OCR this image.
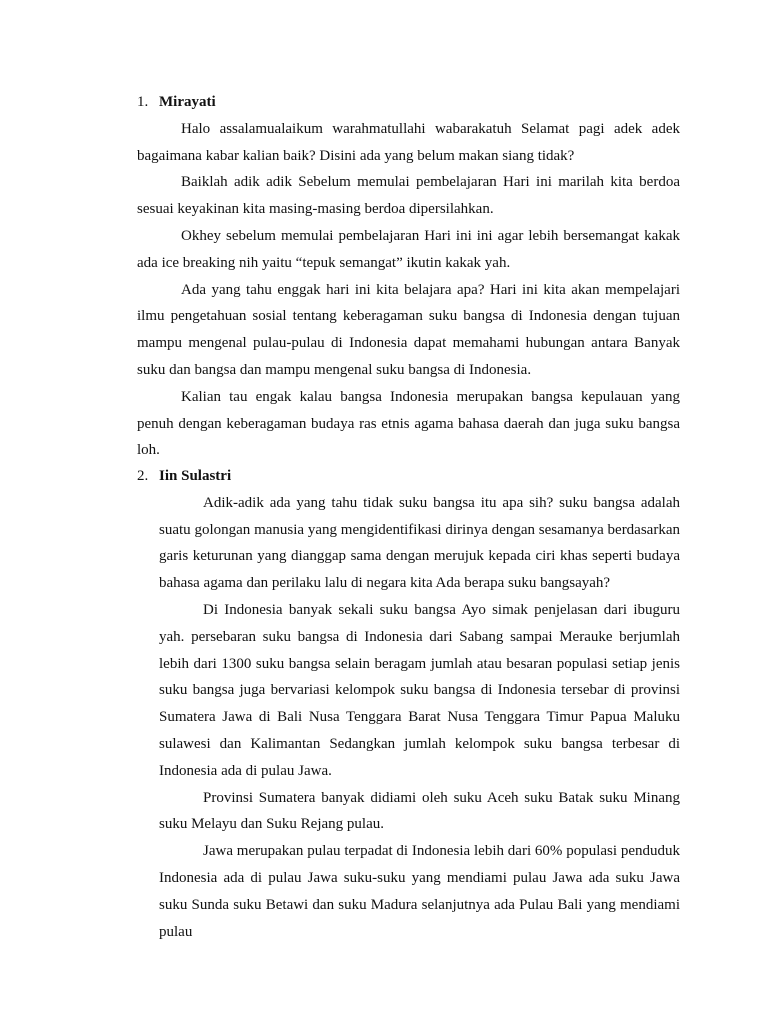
1. Mirayati

Halo assalamualaikum warahmatullahi wabarakatuh Selamat pagi adek adek bagaimana kabar kalian baik? Disini ada yang belum makan siang tidak?

Baiklah adik adik Sebelum memulai pembelajaran Hari ini marilah kita berdoa sesuai keyakinan kita masing-masing berdoa dipersilahkan.

Okhey sebelum memulai pembelajaran Hari ini ini agar lebih bersemangat kakak ada ice breaking nih yaitu “tepuk semangat” ikutin kakak yah.

Ada yang tahu enggak hari ini kita belajara apa? Hari ini kita akan mempelajari ilmu pengetahuan sosial tentang keberagaman suku bangsa di Indonesia dengan tujuan mampu mengenal pulau-pulau di Indonesia dapat memahami hubungan antara Banyak suku dan bangsa dan mampu mengenal suku bangsa di Indonesia.

Kalian tau engak kalau bangsa Indonesia merupakan bangsa kepulauan yang penuh dengan keberagaman budaya ras etnis agama bahasa daerah dan juga suku bangsa loh.

2. Iin Sulastri

Adik-adik ada yang tahu tidak suku bangsa itu apa sih? suku bangsa adalah suatu golongan manusia yang mengidentifikasi dirinya dengan sesamanya berdasarkan garis keturunan yang dianggap sama dengan merujuk kepada ciri khas seperti budaya bahasa agama dan perilaku lalu di negara kita Ada berapa suku bangsayah?

Di Indonesia banyak sekali suku bangsa Ayo simak penjelasan dari ibuguru yah. persebaran suku bangsa di Indonesia dari Sabang sampai Merauke berjumlah lebih dari 1300 suku bangsa selain beragam jumlah atau besaran populasi setiap jenis suku bangsa juga bervariasi kelompok suku bangsa di Indonesia tersebar di provinsi Sumatera Jawa di Bali Nusa Tenggara Barat Nusa Tenggara Timur Papua Maluku sulawesi dan Kalimantan Sedangkan jumlah kelompok suku bangsa terbesar di Indonesia ada di pulau Jawa.

Provinsi Sumatera banyak didiami oleh suku Aceh suku Batak suku Minang suku Melayu dan Suku Rejang pulau.

Jawa merupakan pulau terpadat di Indonesia lebih dari 60% populasi penduduk Indonesia ada di pulau Jawa suku-suku yang mendiami pulau Jawa ada suku Jawa suku Sunda suku Betawi dan suku Madura selanjutnya ada Pulau Bali yang mendiami pulau
